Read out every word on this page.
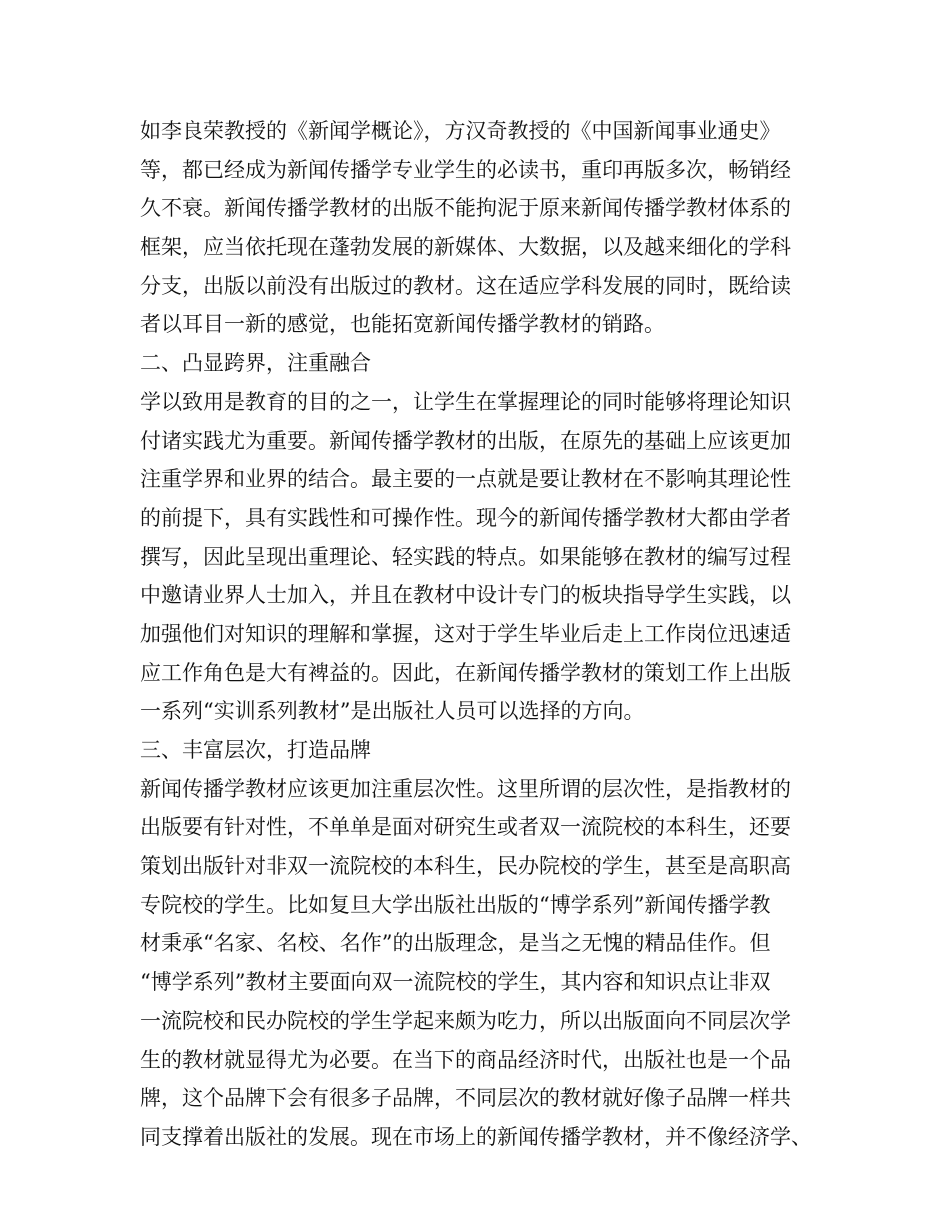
如李良荣教授的《新闻学概论》，方汉奇教授的《中国新闻事业通史》
等，都已经成为新闻传播学专业学生的必读书，重印再版多次，畅销经
久不衰。新闻传播学教材的出版不能拘泥于原来新闻传播学教材体系的
框架，应当依托现在蓬勃发展的新媒体、大数据，以及越来细化的学科
分支，出版以前没有出版过的教材。这在适应学科发展的同时，既给读
者以耳目一新的感觉，也能拓宽新闻传播学教材的销路。
二、凸显跨界，注重融合
学以致用是教育的目的之一，让学生在掌握理论的同时能够将理论知识
付诸实践尤为重要。新闻传播学教材的出版，在原先的基础上应该更加
注重学界和业界的结合。最主要的一点就是要让教材在不影响其理论性
的前提下，具有实践性和可操作性。现今的新闻传播学教材大都由学者
撰写，因此呈现出重理论、轻实践的特点。如果能够在教材的编写过程
中邀请业界人士加入，并且在教材中设计专门的板块指导学生实践，以
加强他们对知识的理解和掌握，这对于学生毕业后走上工作岗位迅速适
应工作角色是大有裨益的。因此，在新闻传播学教材的策划工作上出版
一系列“实训系列教材”是出版社人员可以选择的方向。
三、丰富层次，打造品牌
新闻传播学教材应该更加注重层次性。这里所谓的层次性，是指教材的
出版要有针对性，不单单是面对研究生或者双一流院校的本科生，还要
策划出版针对非双一流院校的本科生，民办院校的学生，甚至是高职高
专院校的学生。比如复旦大学出版社出版的“博学系列”新闻传播学教
材秉承“名家、名校、名作”的出版理念，是当之无愧的精品佳作。但
“博学系列”教材主要面向双一流院校的学生，其内容和知识点让非双
一流院校和民办院校的学生学起来颇为吃力，所以出版面向不同层次学
生的教材就显得尤为必要。在当下的商品经济时代，出版社也是一个品
牌，这个品牌下会有很多子品牌，不同层次的教材就好像子品牌一样共
同支撑着出版社的发展。现在市场上的新闻传播学教材，并不像经济学、
